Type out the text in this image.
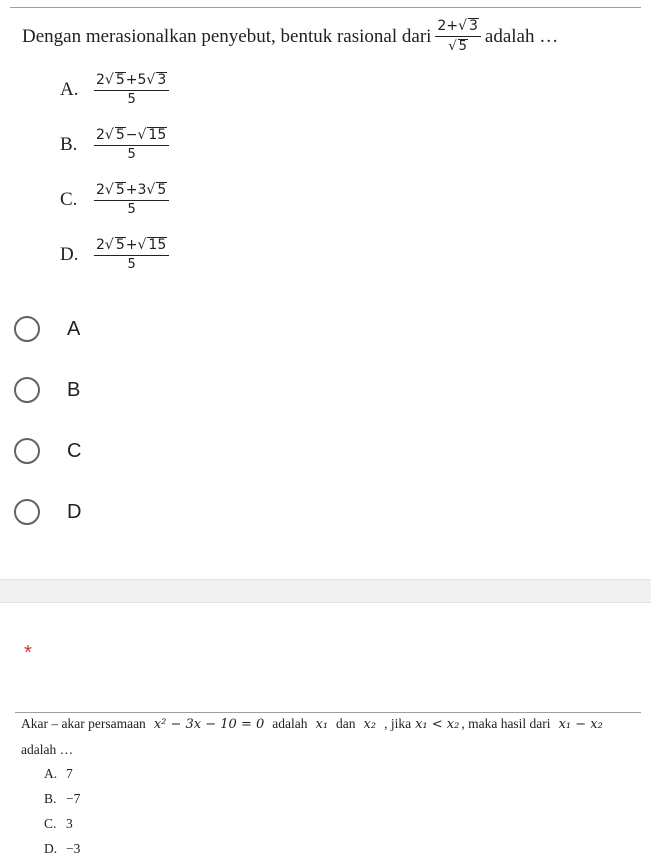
Dengan merasionalkan penyebut, bentuk rasional dari $\frac{2+√ 3}{√ 5}$ adalah …
A.	$\frac{2√ 5+5√ 3}{5}$
B.	$\frac{2√ 5-√ 15}{5}$
C.	$\frac{2√ 5+3√ 5}{5}$
D.	$\frac{2√ 5+√ 15}{5}$
A
B
C
D
*
Akar – akar persamaan x² − 3x − 10 = 0 adalah x₁ dan x₂ , jika x₁ < x₂ , maka hasil dari x₁ − x₂
adalah …
A. 7
B. −7
C. 3
D. −3
